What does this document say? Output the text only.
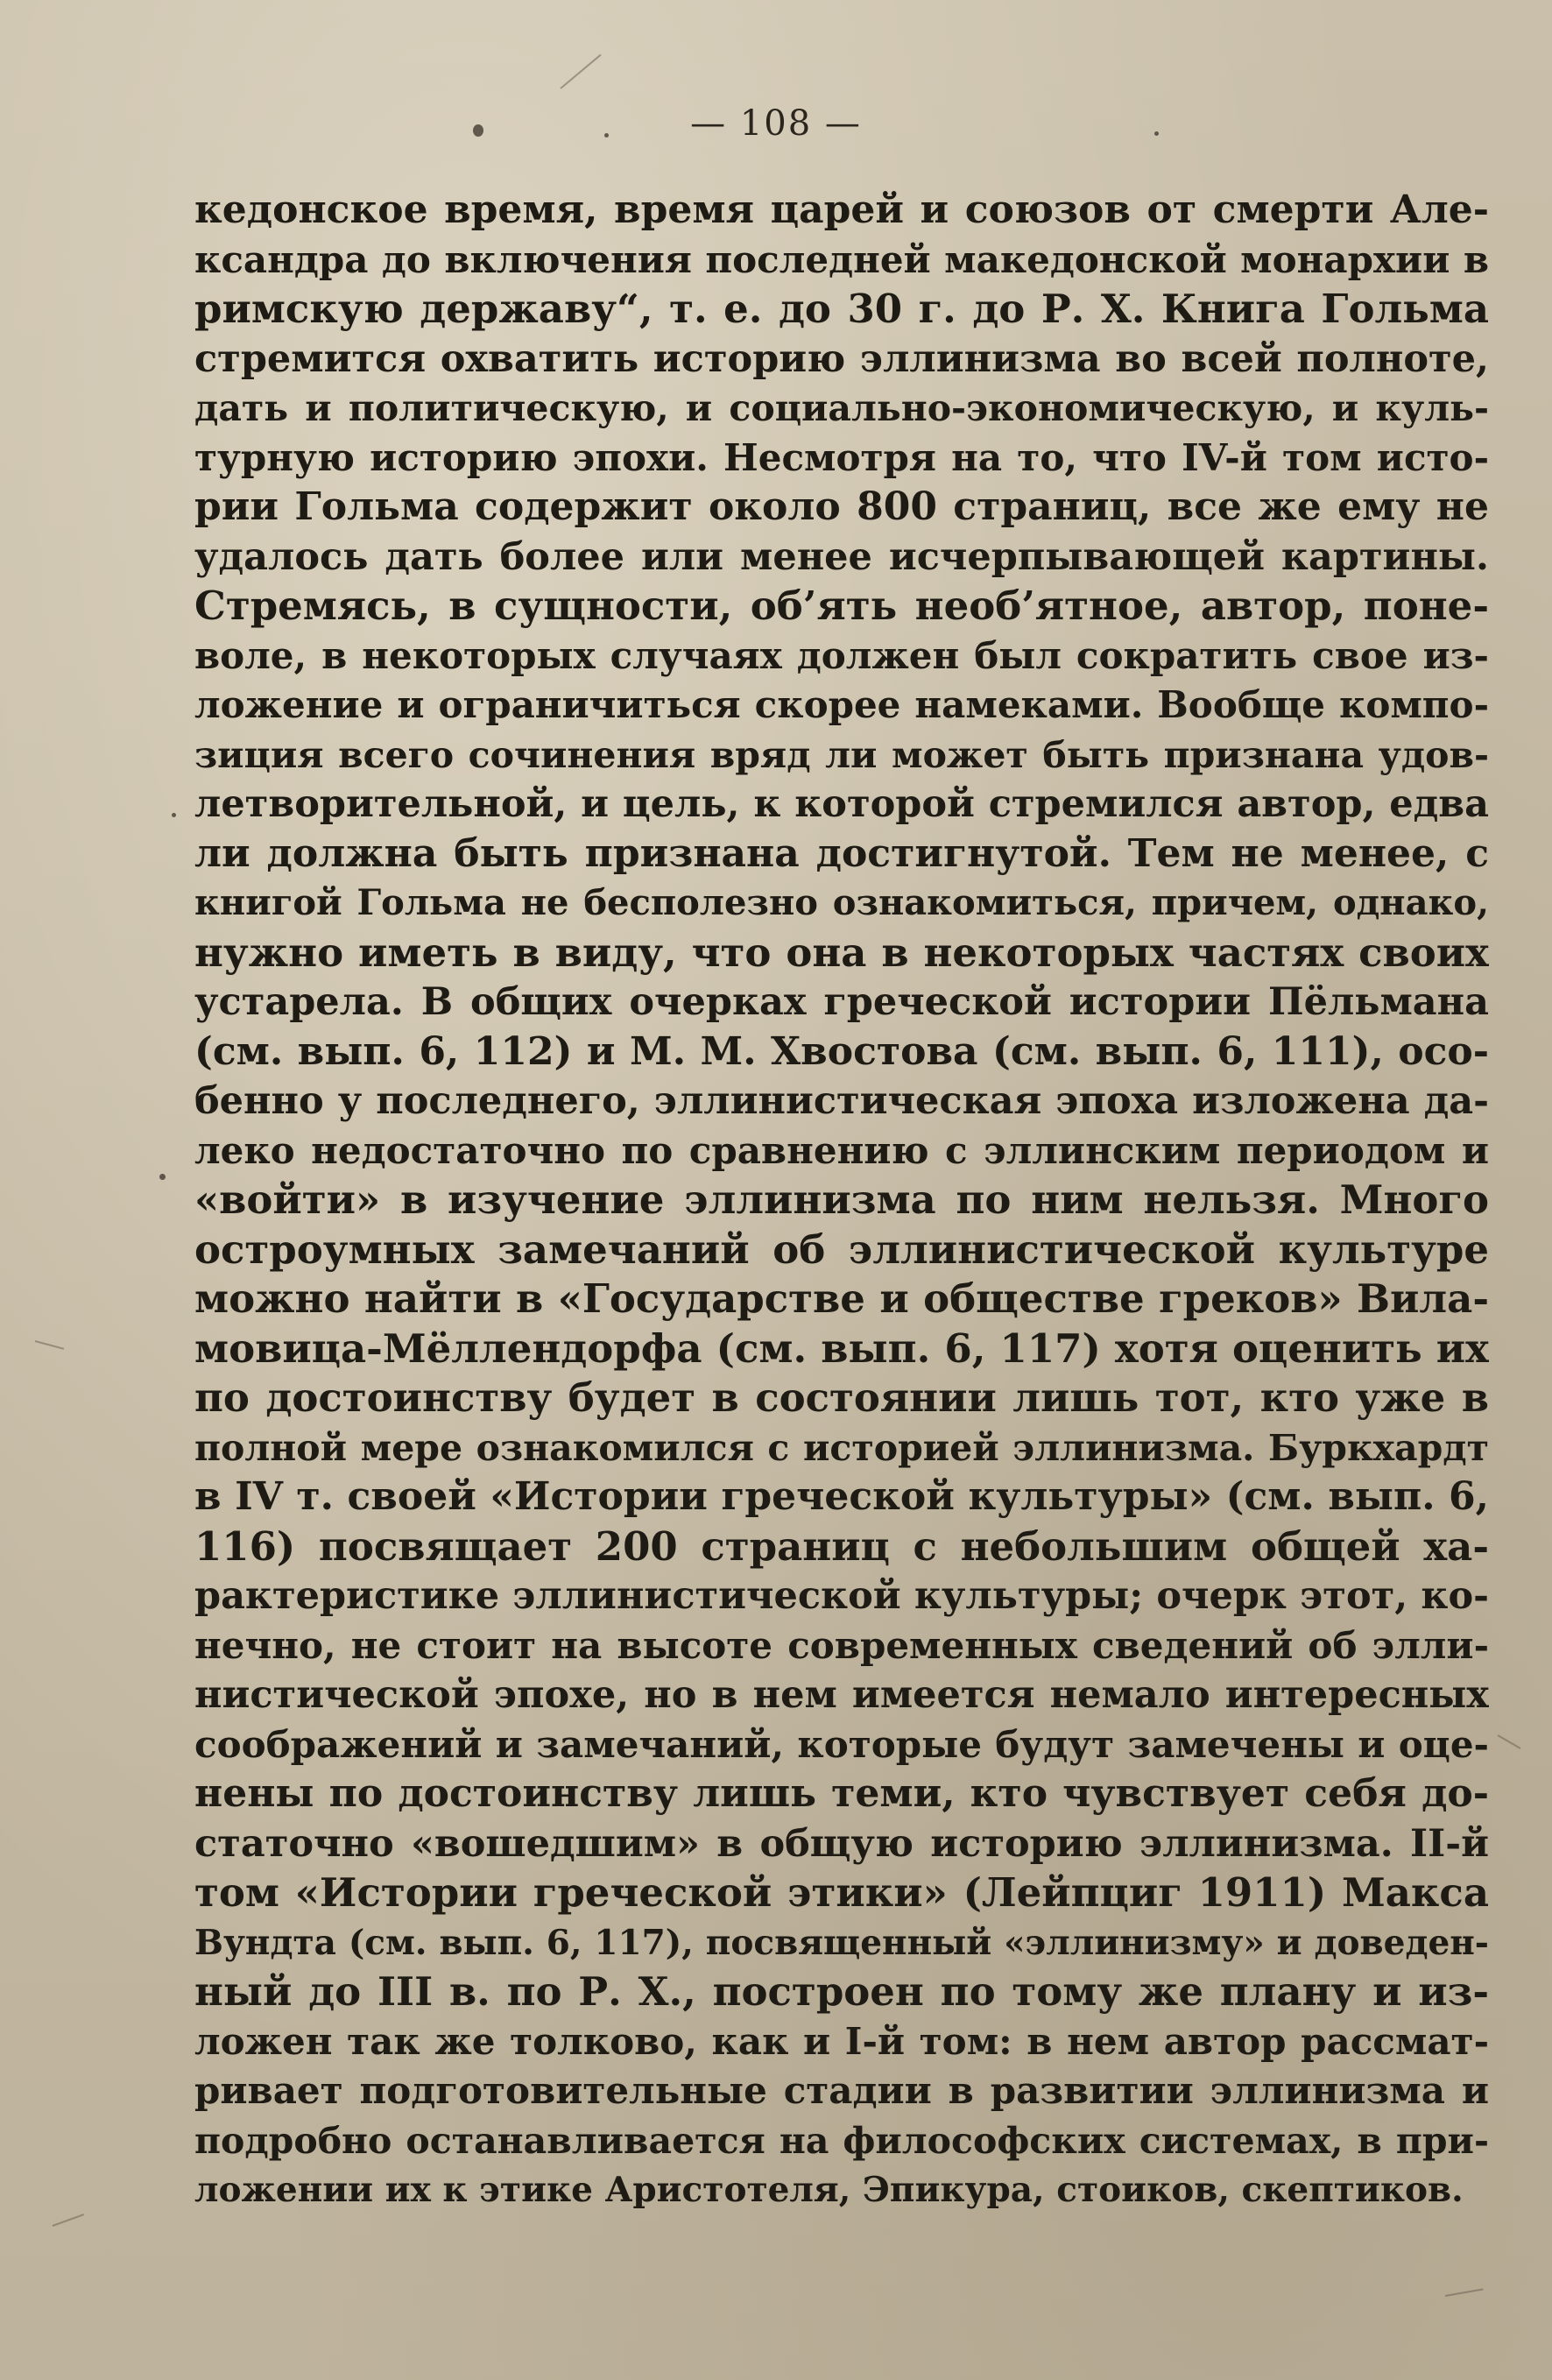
— 108 —
кедонское время, время царей и союзов от смерти Але-
ксандра до включения последней македонской монархии в
римскую державу“, т. е. до 30 г. до Р. Х. Книга Гольма
стремится охватить историю эллинизма во всей полноте,
дать и политическую, и социально-экономическую, и куль-
турную историю эпохи. Несмотря на то, что IV-й том исто-
рии Гольма содержит около 800 страниц, все же ему не
удалось дать более или менее исчерпывающей картины.
Стремясь, в сущности, об’ять необ’ятное, автор, поне-
воле, в некоторых случаях должен был сократить свое из-
ложение и ограничиться скорее намеками. Вообще компо-
зиция всего сочинения вряд ли может быть признана удов-
летворительной, и цель, к которой стремился автор, едва
ли должна быть признана достигнутой. Тем не менее, с
книгой Гольма не бесполезно ознакомиться, причем, однако,
нужно иметь в виду, что она в некоторых частях своих
устарела. В общих очерках греческой истории Пёльмана
(см. вып. 6, 112) и М. М. Хвостова (см. вып. 6, 111), осо-
бенно у последнего, эллинистическая эпоха изложена да-
леко недостаточно по сравнению с эллинским периодом и
«войти» в изучение эллинизма по ним нельзя. Много
остроумных замечаний об эллинистической культуре
можно найти в «Государстве и обществе греков» Вила-
мовица-Мёллендорфа (см. вып. 6, 117) хотя оценить их
по достоинству будет в состоянии лишь тот, кто уже в
полной мере ознакомился с историей эллинизма. Буркхардт
в IV т. своей «Истории греческой культуры» (см. вып. 6,
116) посвящает 200 страниц с небольшим общей ха-
рактеристике эллинистической культуры; очерк этот, ко-
нечно, не стоит на высоте современных сведений об элли-
нистической эпохе, но в нем имеется немало интересных
соображений и замечаний, которые будут замечены и оце-
нены по достоинству лишь теми, кто чувствует себя до-
статочно «вошедшим» в общую историю эллинизма. II-й
том «Истории греческой этики» (Лейпциг 1911) Макса
Вундта (см. вып. 6, 117), посвященный «эллинизму» и доведен-
ный до III в. по Р. Х., построен по тому же плану и из-
ложен так же толково, как и I-й том: в нем автор рассмат-
ривает подготовительные стадии в развитии эллинизма и
подробно останавливается на философских системах, в при-
ложении их к этике Аристотеля, Эпикура, стоиков, скептиков.
